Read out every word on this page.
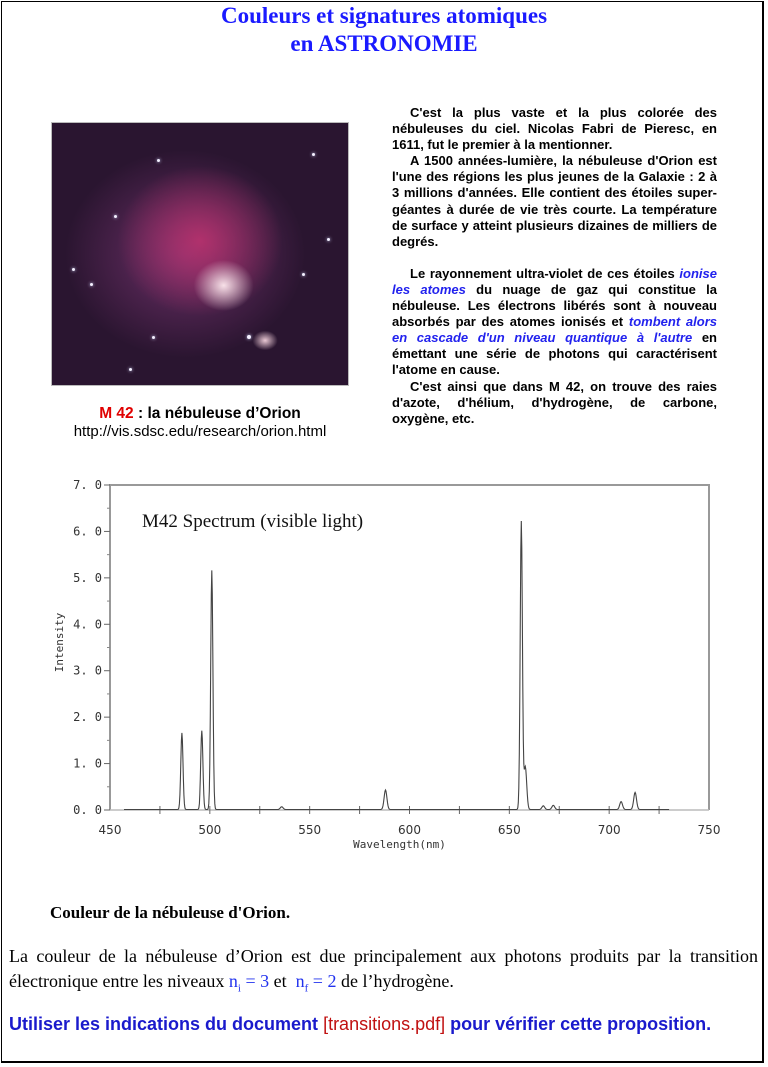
Couleurs et signatures atomiques
en ASTRONOMIE
M 42 : la nébuleuse d’Orion
http://vis.sdsc.edu/research/orion.html

C'est la plus vaste et la plus colorée des nébuleuses du ciel. Nicolas Fabri de Pieresc, en 1611, fut le premier à la mentionner.

A 1500 années-lumière, la nébuleuse d'Orion est l'une des régions les plus jeunes de la Galaxie : 2 à 3 millions d'années. Elle contient des étoiles super-géantes à durée de vie très courte. La température de surface y atteint plusieurs dizaines de milliers de degrés.

Le rayonnement ultra-violet de ces étoiles ionise les atomes du nuage de gaz qui constitue la nébuleuse. Les électrons libérés sont à nouveau absorbés par des atomes ionisés et tombent alors en cascade d'un niveau quantique à l'autre en émettant une série de photons qui caractérisent l'atome en cause.

C'est ainsi que dans M 42, on trouve des raies d'azote, d'hélium, d'hydrogène, de carbone, oxygène, etc.

0. 0
1. 0
2. 0
3. 0
4. 0
5. 0
6. 0
7. 0
450	500	550	600	650	700	750
Wavelength(nm)
Intensity
M42 Spectrum (visible light)
Couleur de la nébuleuse d'Orion.
La couleur de la nébuleuse d’Orion est due principalement aux photons produits par la transition électronique entre les niveaux $n_i = 3$ et  $n_f = 2$ de l’hydrogène.
Utiliser les indications du document [transitions.pdf] pour vérifier cette proposition.
